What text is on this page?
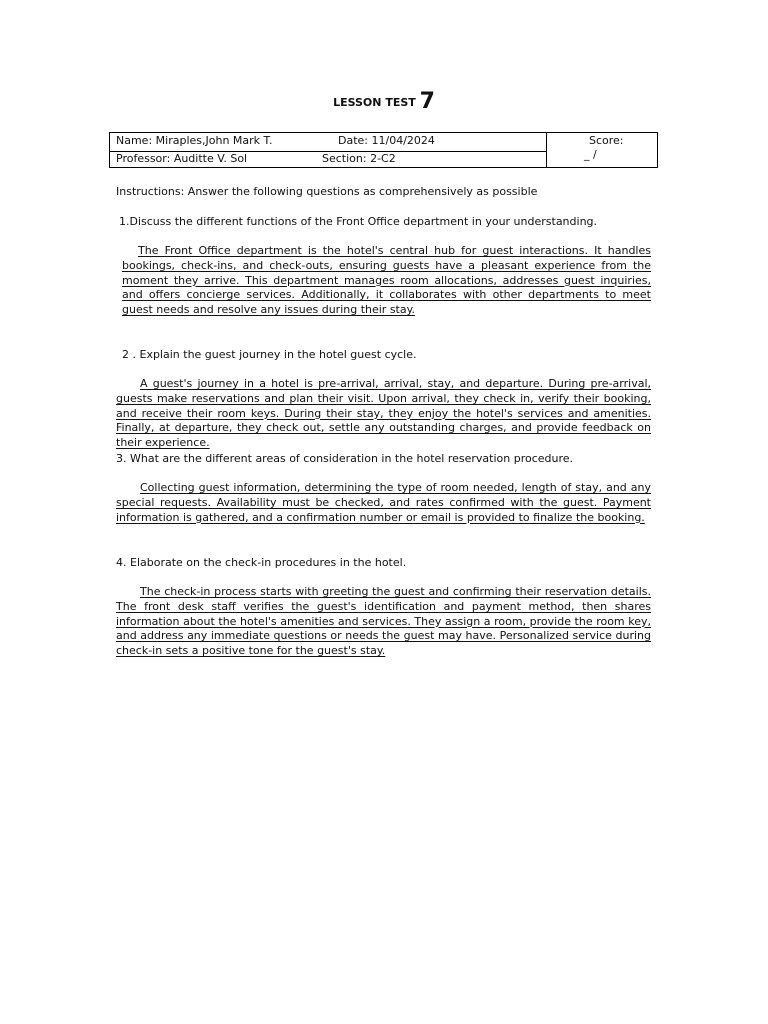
LESSON TEST 7
Name: Miraples,John Mark T.	Date: 11/04/2024
Professor: Auditte V. Sol	Section: 2-C2
Score:
_ /
Instructions: Answer the following questions as comprehensively as possible
1.Discuss the different functions of the Front Office department in your understanding.
The Front Office department is the hotel's central hub for guest interactions. It handles bookings, check-ins, and check-outs, ensuring guests have a pleasant experience from the moment they arrive. This department manages room allocations, addresses guest inquiries, and offers concierge services. Additionally, it collaborates with other departments to meet guest needs and resolve any issues during their stay.
2 . Explain the guest journey in the hotel guest cycle.
A guest's journey in a hotel is pre-arrival, arrival, stay, and departure. During pre-arrival, guests make reservations and plan their visit. Upon arrival, they check in, verify their booking, and receive their room keys. During their stay, they enjoy the hotel's services and amenities. Finally, at departure, they check out, settle any outstanding charges, and provide feedback on their experience.
3. What are the different areas of consideration in the hotel reservation procedure.
Collecting guest information, determining the type of room needed, length of stay, and any special requests. Availability must be checked, and rates confirmed with the guest. Payment information is gathered, and a confirmation number or email is provided to finalize the booking.
4. Elaborate on the check-in procedures in the hotel.
The check-in process starts with greeting the guest and confirming their reservation details. The front desk staff verifies the guest's identification and payment method, then shares information about the hotel's amenities and services. They assign a room, provide the room key, and address any immediate questions or needs the guest may have. Personalized service during check-in sets a positive tone for the guest's stay.
